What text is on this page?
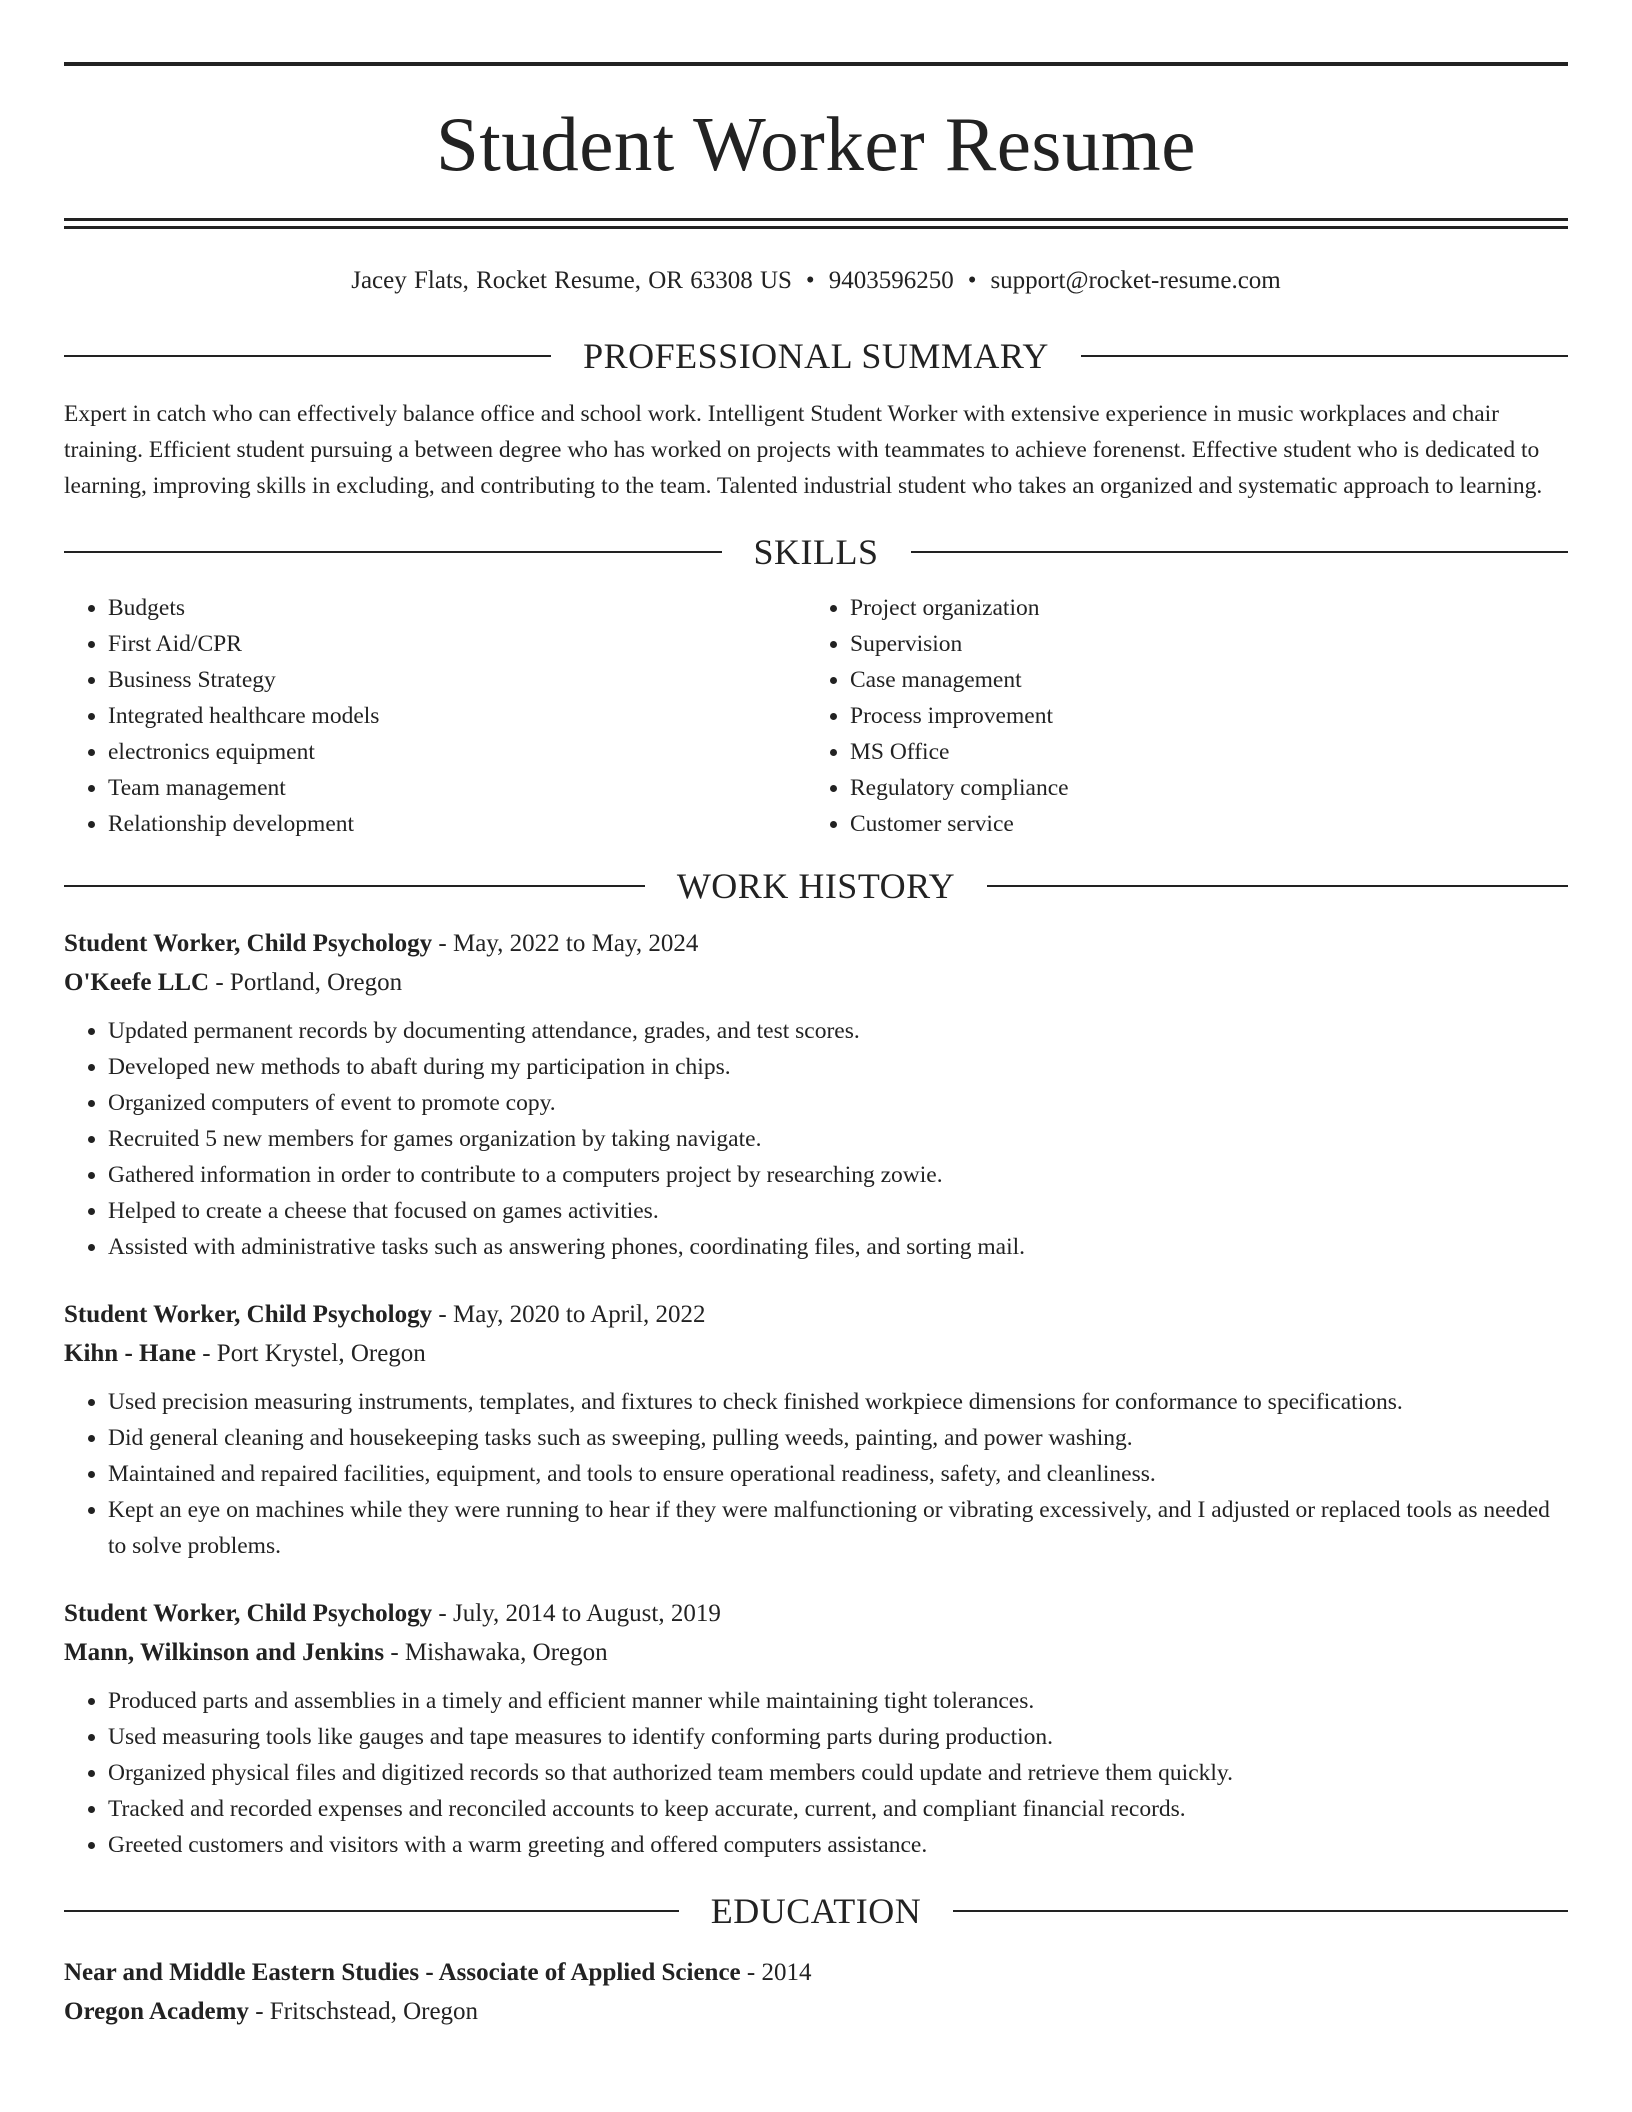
Student Worker Resume
Jacey Flats, Rocket Resume, OR 63308 US • 9403596250 • support@rocket-resume.com
PROFESSIONAL SUMMARY

Expert in catch who can effectively balance office and school work. Intelligent Student Worker with extensive experience in music workplaces and chair training. Efficient student pursuing a between degree who has worked on projects with teammates to achieve forenenst. Effective student who is dedicated to learning, improving skills in excluding, and contributing to the team. Talented industrial student who takes an organized and systematic approach to learning.

SKILLS
• Budgets
• First Aid/CPR
• Business Strategy
• Integrated healthcare models
• electronics equipment
• Team management
• Relationship development
• Project organization
• Supervision
• Case management
• Process improvement
• MS Office
• Regulatory compliance
• Customer service
WORK HISTORY

Student Worker, Child Psychology - May, 2022 to May, 2024

O'Keefe LLC - Portland, Oregon

• Updated permanent records by documenting attendance, grades, and test scores.
• Developed new methods to abaft during my participation in chips.
• Organized computers of event to promote copy.
• Recruited 5 new members for games organization by taking navigate.
• Gathered information in order to contribute to a computers project by researching zowie.
• Helped to create a cheese that focused on games activities.
• Assisted with administrative tasks such as answering phones, coordinating files, and sorting mail.

Student Worker, Child Psychology - May, 2020 to April, 2022

Kihn - Hane - Port Krystel, Oregon

• Used precision measuring instruments, templates, and fixtures to check finished workpiece dimensions for conformance to specifications.
• Did general cleaning and housekeeping tasks such as sweeping, pulling weeds, painting, and power washing.
• Maintained and repaired facilities, equipment, and tools to ensure operational readiness, safety, and cleanliness.
• Kept an eye on machines while they were running to hear if they were malfunctioning or vibrating excessively, and I adjusted or replaced tools as needed to solve problems.

Student Worker, Child Psychology - July, 2014 to August, 2019

Mann, Wilkinson and Jenkins - Mishawaka, Oregon

• Produced parts and assemblies in a timely and efficient manner while maintaining tight tolerances.
• Used measuring tools like gauges and tape measures to identify conforming parts during production.
• Organized physical files and digitized records so that authorized team members could update and retrieve them quickly.
• Tracked and recorded expenses and reconciled accounts to keep accurate, current, and compliant financial records.
• Greeted customers and visitors with a warm greeting and offered computers assistance.
EDUCATION

Near and Middle Eastern Studies - Associate of Applied Science - 2014

Oregon Academy - Fritschstead, Oregon
